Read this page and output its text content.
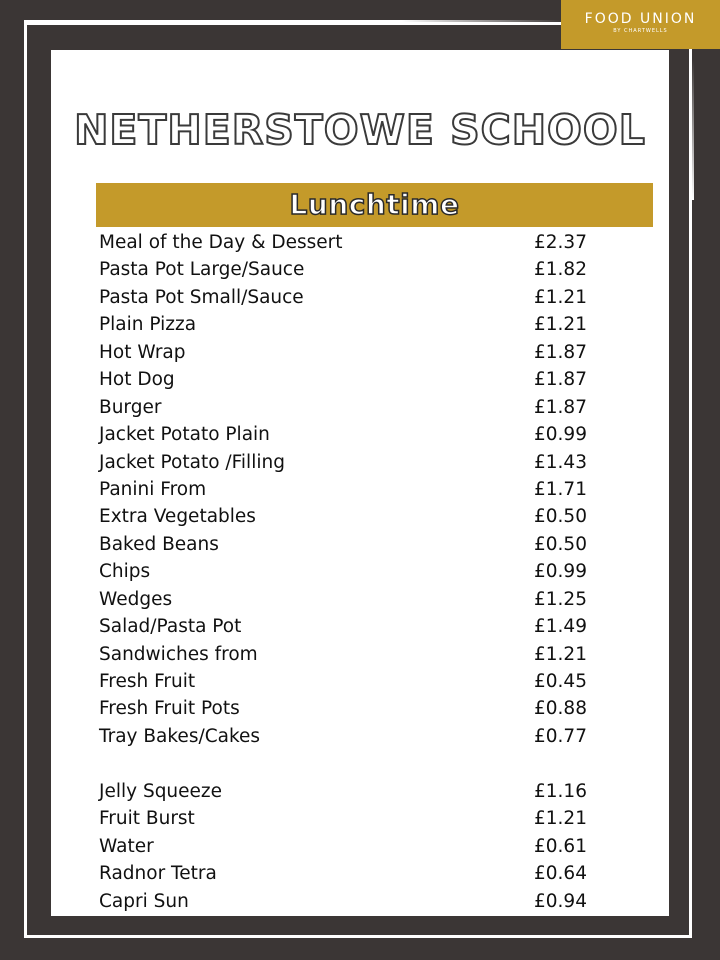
FOOD UNION
BY CHARTWELLS
NETHERSTOWE SCHOOL
Lunchtime
Meal of the Day & Dessert	£2.37
Pasta Pot Large/Sauce	£1.82
Pasta Pot Small/Sauce	£1.21
Plain Pizza	£1.21
Hot Wrap	£1.87
Hot Dog	£1.87
Burger	£1.87
Jacket Potato Plain	£0.99
Jacket Potato /Filling	£1.43
Panini From	£1.71
Extra Vegetables	£0.50
Baked Beans	£0.50
Chips	£0.99
Wedges	£1.25
Salad/Pasta Pot	£1.49
Sandwiches from	£1.21
Fresh Fruit	£0.45
Fresh Fruit Pots	£0.88
Tray Bakes/Cakes	£0.77
Jelly Squeeze	£1.16
Fruit Burst	£1.21
Water	£0.61
Radnor Tetra	£0.64
Capri Sun	£0.94
